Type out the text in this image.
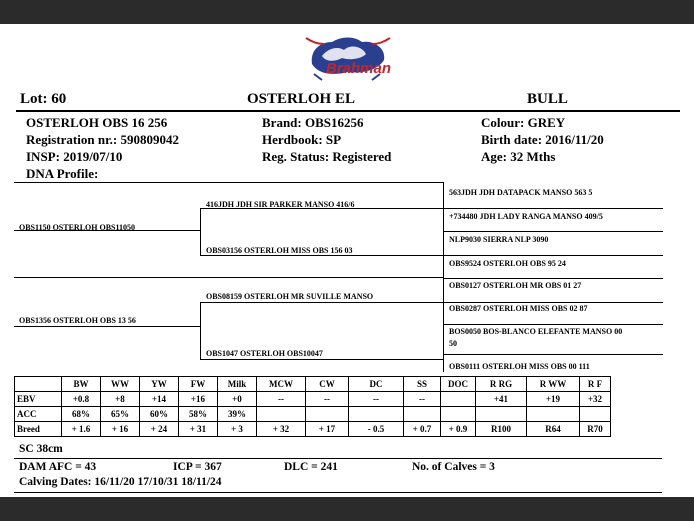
Brahman
Lot: 60	OSTERLOH EL	BULL
OSTERLOH OBS 16 256
Registration nr.: 590809042
INSP: 2019/07/10
DNA Profile:
Brand: OBS16256
Herdbook: SP
Reg. Status: Registered
Colour: GREY
Birth date: 2016/11/20
Age: 32 Mths
OBS1150 OSTERLOH OBS11050
OBS1356 OSTERLOH OBS 13 56
416JDH JDH SIR PARKER MANSO 416/6
OBS03156 OSTERLOH MISS OBS 156 03
OBS08159 OSTERLOH MR SUVILLE MANSO
OBS1047 OSTERLOH OBS10047
563JDH JDH DATAPACK MANSO 563 5
+734480 JDH LADY RANGA MANSO 409/5
NLP9030 SIERRA NLP 3090
OBS9524 OSTERLOH OBS 95 24
OBS0127 OSTERLOH MR OBS 01 27
OBS0287 OSTERLOH MISS OBS 02 87
BOS0050 BOS-BLANCO ELEFANTE MANSO 00
50
OBS0111 OSTERLOH MISS OBS 00 111
	BW	WW	YW	FW	Milk	MCW	CW	DC	SS	DOC	R RG	R WW	R F
EBV	+0.8	+8	+14	+16	+0	--	--	--	--		+41	+19	+32
ACC	68%	65%	60%	58%	39%								
Breed	+ 1.6	+ 16	+ 24	+ 31	+ 3	+ 32	+ 17	- 0.5	+ 0.7	+ 0.9	R100	R64	R70
SC 38cm
DAM AFC = 43	ICP = 367	DLC = 241	No. of Calves = 3
Calving Dates: 16/11/20 17/10/31 18/11/24
